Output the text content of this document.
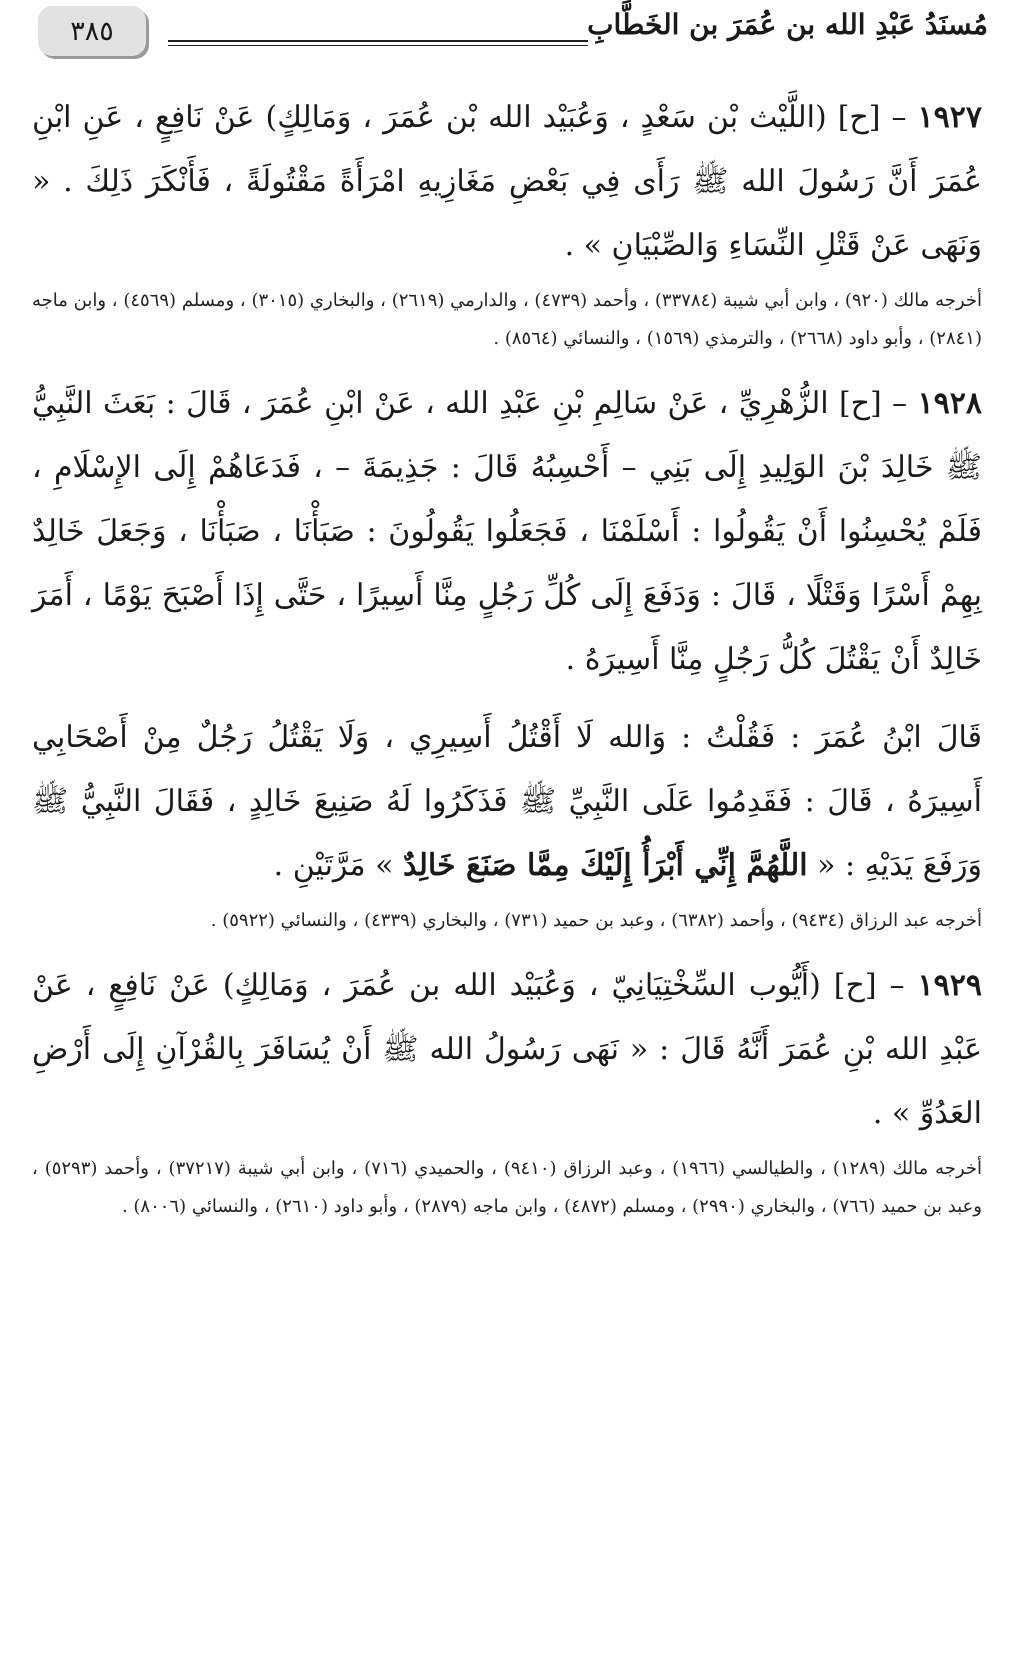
٣٨٥	مُسنَدُ عَبْدِ الله بن عُمَرَ بن الخَطَّابِ

١٩٢٧ – [ح] (اللَّيْث بْن سَعْدٍ ، وَعُبَيْد الله بْن عُمَرَ ، وَمَالِكٍ) عَنْ نَافِعٍ ، عَنِ ابْنِ عُمَرَ أَنَّ رَسُولَ الله ﷺ رَأَى فِي بَعْضِ مَغَازِيهِ امْرَأَةً مَقْتُولَةً ، فَأَنْكَرَ ذَلِكَ . « وَنَهَى عَنْ قَتْلِ النِّسَاءِ وَالصِّبْيَانِ » .

أخرجه مالك (٩٢٠) ، وابن أبي شيبة (٣٣٧٨٤) ، وأحمد (٤٧٣٩) ، والدارمي (٢٦١٩) ، والبخاري (٣٠١٥) ، ومسلم (٤٥٦٩) ، وابن ماجه (٢٨٤١) ، وأبو داود (٢٦٦٨) ، والترمذي (١٥٦٩) ، والنسائي (٨٥٦٤) .

١٩٢٨ – [ح] الزُّهْرِيِّ ، عَنْ سَالِمِ بْنِ عَبْدِ الله ، عَنْ ابْنِ عُمَرَ ، قَالَ : بَعَثَ النَّبِيُّ ﷺ خَالِدَ بْنَ الوَلِيدِ إِلَى بَنِي – أَحْسِبُهُ قَالَ : جَذِيمَةَ – ، فَدَعَاهُمْ إِلَى الإِسْلَامِ ، فَلَمْ يُحْسِنُوا أَنْ يَقُولُوا : أَسْلَمْنَا ، فَجَعَلُوا يَقُولُونَ : صَبَأْنَا ، صَبَأْنَا ، وَجَعَلَ خَالِدٌ بِهِمْ أَسْرًا وَقَتْلًا ، قَالَ : وَدَفَعَ إِلَى كُلِّ رَجُلٍ مِنَّا أَسِيرًا ، حَتَّى إِذَا أَصْبَحَ يَوْمًا ، أَمَرَ خَالِدٌ أَنْ يَقْتُلَ كُلُّ رَجُلٍ مِنَّا أَسِيرَهُ .

قَالَ ابْنُ عُمَرَ : فَقُلْتُ : وَالله لَا أَقْتُلُ أَسِيرِي ، وَلَا يَقْتُلُ رَجُلٌ مِنْ أَصْحَابِي أَسِيرَهُ ، قَالَ : فَقَدِمُوا عَلَى النَّبِيِّ ﷺ فَذَكَرُوا لَهُ صَنِيعَ خَالِدٍ ، فَقَالَ النَّبِيُّ ﷺ وَرَفَعَ يَدَيْهِ : « اللَّهُمَّ إِنِّي أَبْرَأُ إِلَيْكَ مِمَّا صَنَعَ خَالِدٌ » مَرَّتَيْنِ .

أخرجه عبد الرزاق (٩٤٣٤) ، وأحمد (٦٣٨٢) ، وعبد بن حميد (٧٣١) ، والبخاري (٤٣٣٩) ، والنسائي (٥٩٢٢) .

١٩٢٩ – [ح] (أَيُّوب السِّخْتِيَانِيّ ، وَعُبَيْد الله بن عُمَرَ ، وَمَالِكٍ) عَنْ نَافِعٍ ، عَنْ عَبْدِ الله بْنِ عُمَرَ أَنَّهُ قَالَ : « نَهَى رَسُولُ الله ﷺ أَنْ يُسَافَرَ بِالقُرْآنِ إِلَى أَرْضِ العَدُوِّ » .

أخرجه مالك (١٢٨٩) ، والطيالسي (١٩٦٦) ، وعبد الرزاق (٩٤١٠) ، والحميدي (٧١٦) ، وابن أبي شيبة (٣٧٢١٧) ، وأحمد (٥٢٩٣) ، وعبد بن حميد (٧٦٦) ، والبخاري (٢٩٩٠) ، ومسلم (٤٨٧٢) ، وابن ماجه (٢٨٧٩) ، وأبو داود (٢٦١٠) ، والنسائي (٨٠٠٦) .
